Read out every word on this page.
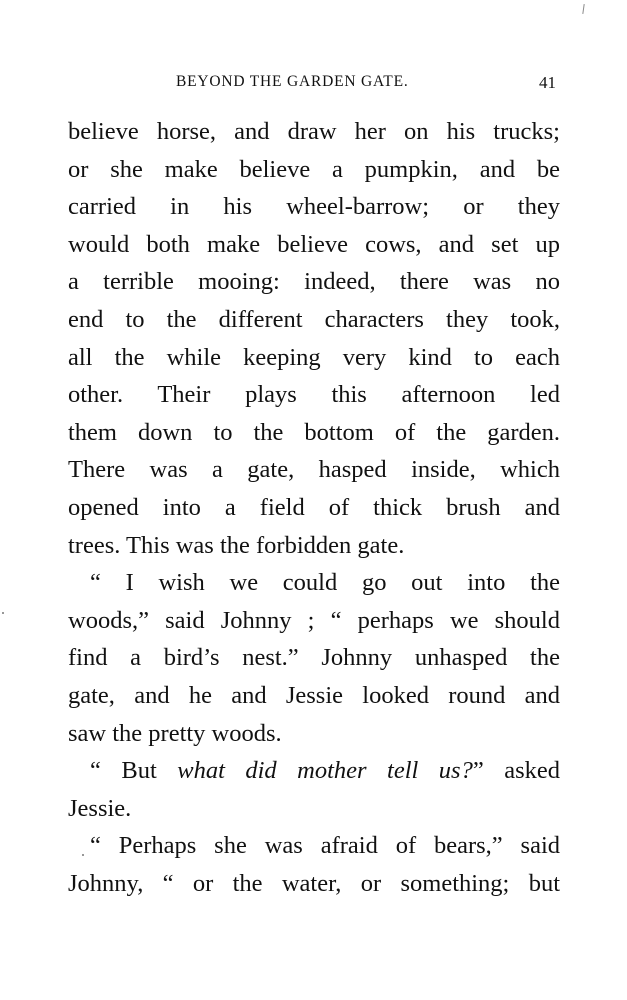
BEYOND THE GARDEN GATE.	41
believe horse, and draw her on his trucks;
or she make believe a pumpkin, and be
carried in his wheel-barrow; or they
would both make believe cows, and set up
a terrible mooing: indeed, there was no
end to the different characters they took,
all the while keeping very kind to each
other. Their plays this afternoon led
them down to the bottom of the garden.
There was a gate, hasped inside, which
opened into a field of thick brush and
trees. This was the forbidden gate.
“ I wish we could go out into the
woods,” said Johnny ; “ perhaps we should
find a bird’s nest.” Johnny unhasped the
gate, and he and Jessie looked round and
saw the pretty woods.
“ But what did mother tell us?” asked
Jessie.
“ Perhaps she was afraid of bears,” said
Johnny, “ or the water, or something; but
